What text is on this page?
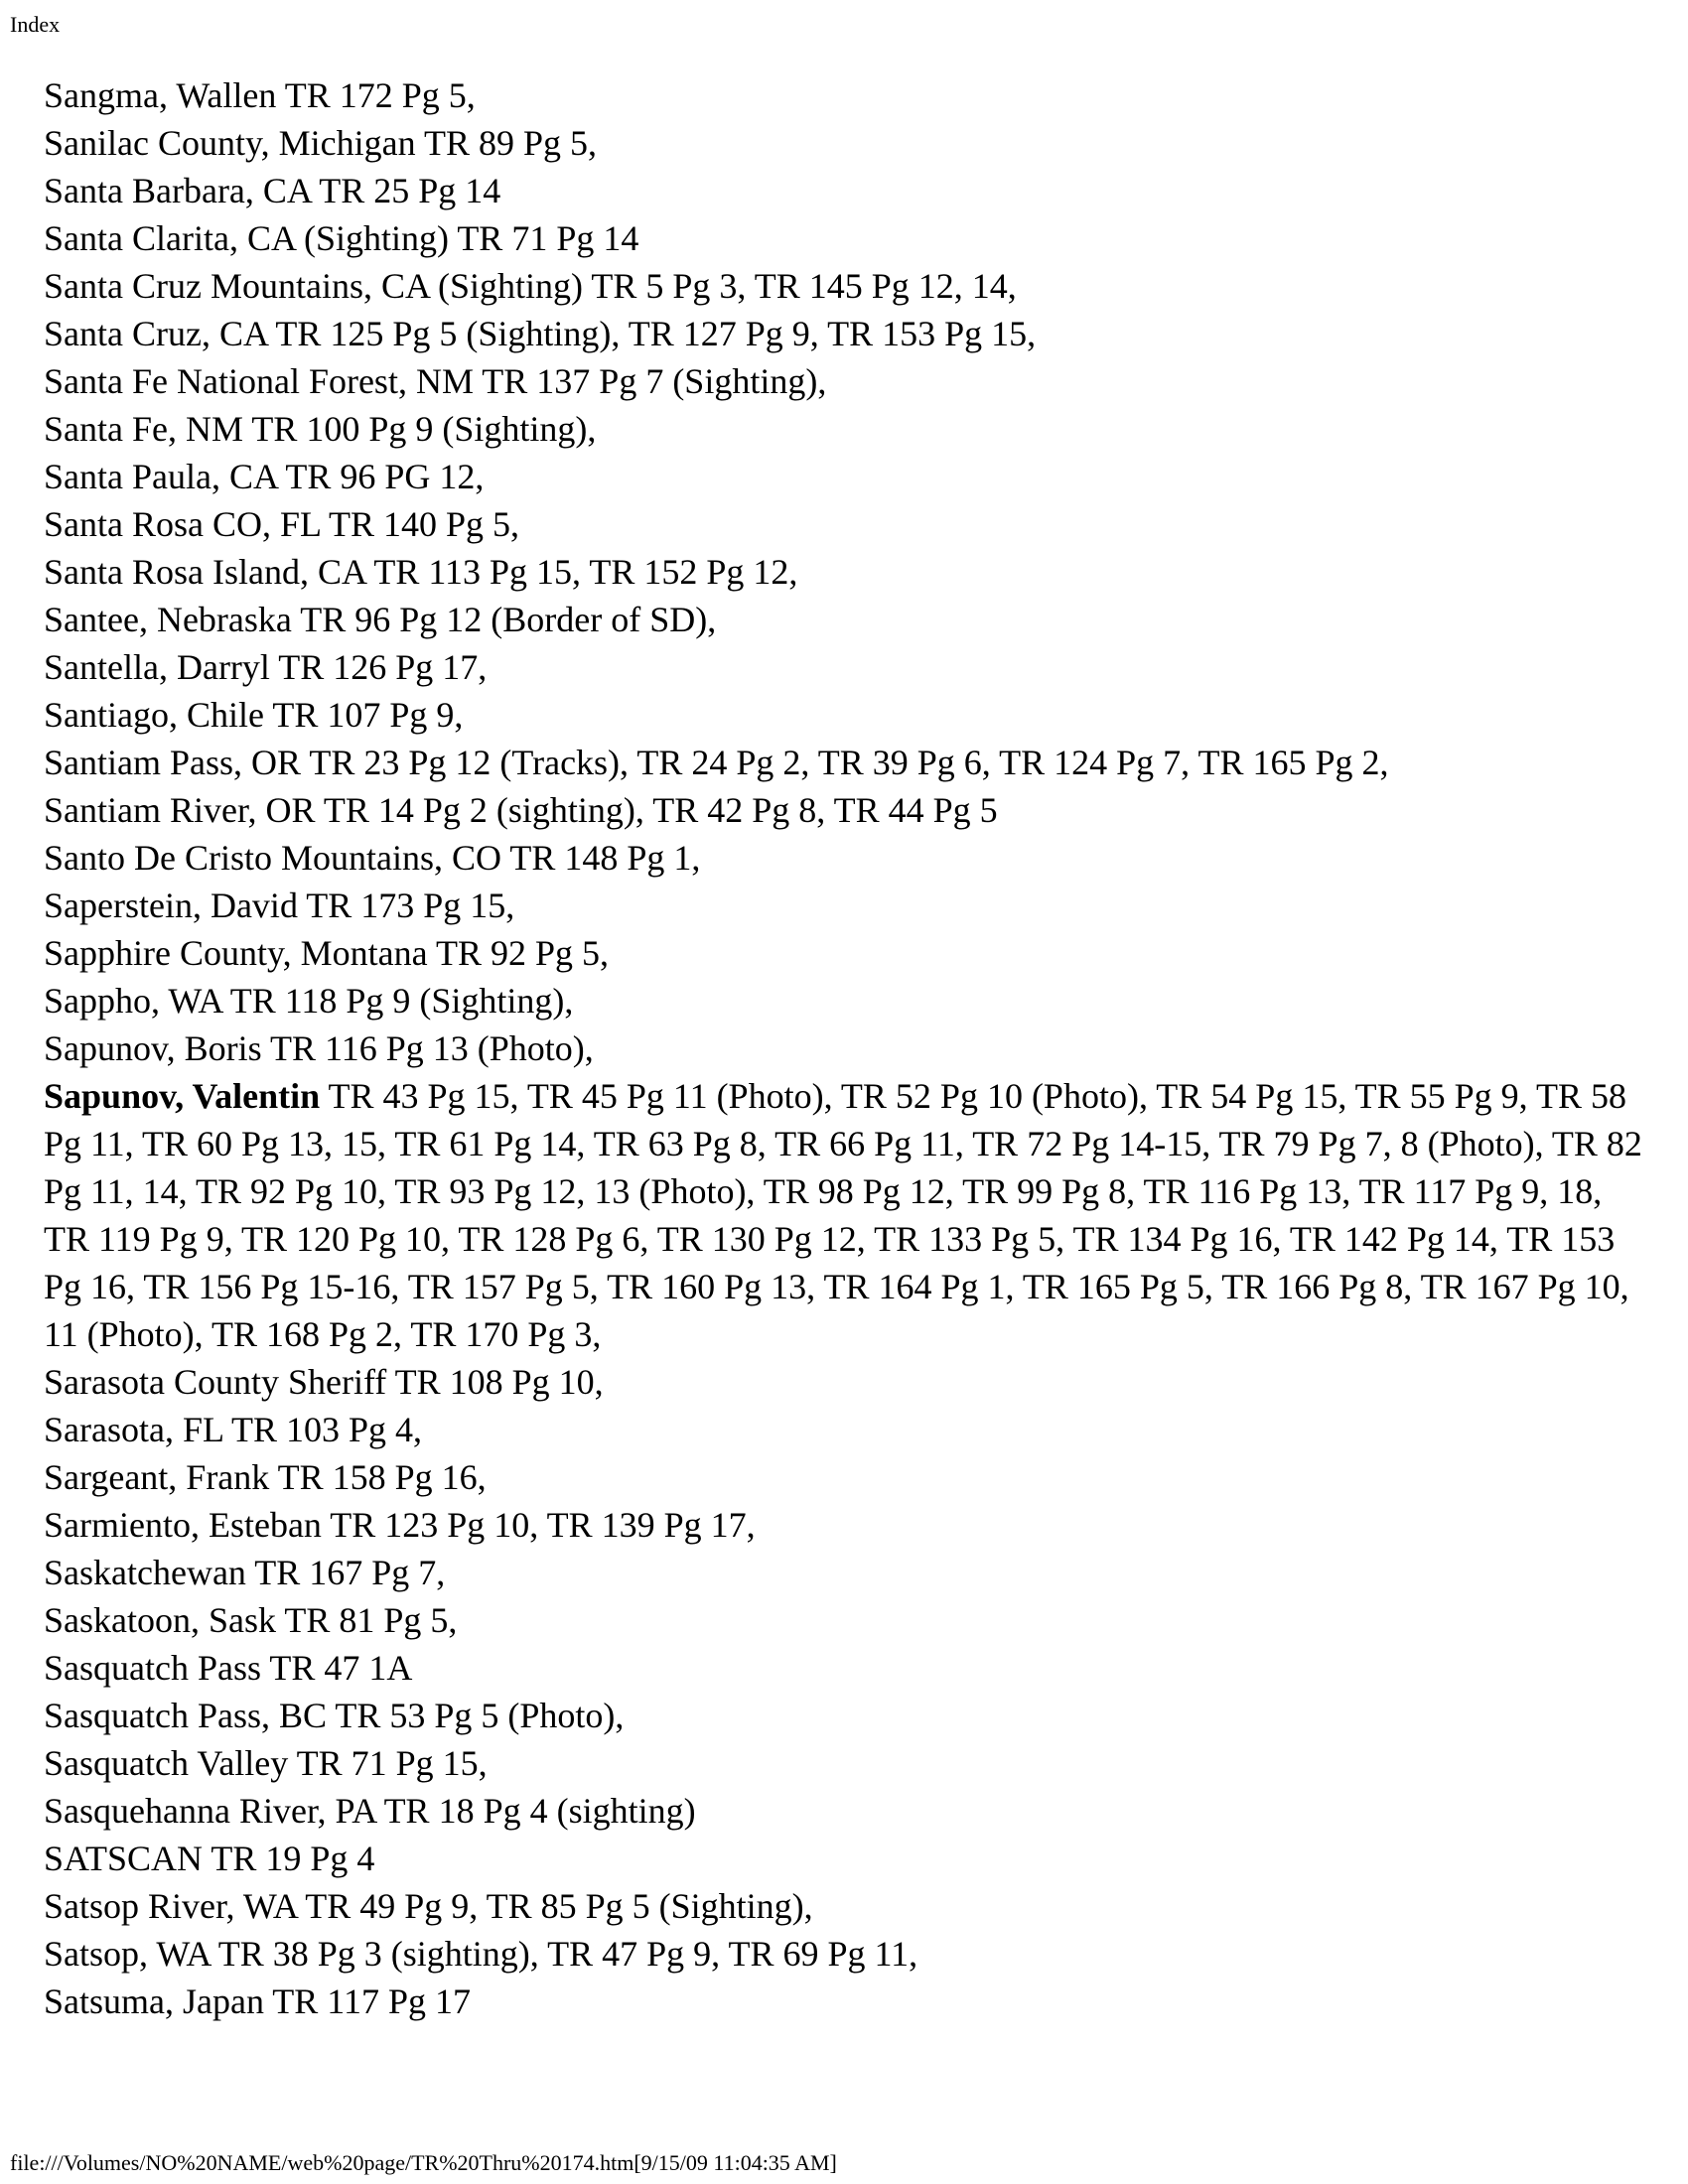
Index
Sangma, Wallen TR 172 Pg 5,
Sanilac County, Michigan TR 89 Pg 5,
Santa Barbara, CA TR 25 Pg 14
Santa Clarita, CA (Sighting) TR 71 Pg 14
Santa Cruz Mountains, CA (Sighting) TR 5 Pg 3, TR 145 Pg 12, 14,
Santa Cruz, CA TR 125 Pg 5 (Sighting), TR 127 Pg 9, TR 153 Pg 15,
Santa Fe National Forest, NM TR 137 Pg 7 (Sighting),
Santa Fe, NM TR 100 Pg 9 (Sighting),
Santa Paula, CA TR 96 PG 12,
Santa Rosa CO, FL TR 140 Pg 5,
Santa Rosa Island, CA TR 113 Pg 15, TR 152 Pg 12,
Santee, Nebraska TR 96 Pg 12 (Border of SD),
Santella, Darryl TR 126 Pg 17,
Santiago, Chile TR 107 Pg 9,
Santiam Pass, OR TR 23 Pg 12 (Tracks), TR 24 Pg 2, TR 39 Pg 6, TR 124 Pg 7, TR 165 Pg 2,
Santiam River, OR TR 14 Pg 2 (sighting), TR 42 Pg 8, TR 44 Pg 5
Santo De Cristo Mountains, CO TR 148 Pg 1,
Saperstein, David TR 173 Pg 15,
Sapphire County, Montana TR 92 Pg 5,
Sappho, WA TR 118 Pg 9 (Sighting),
Sapunov, Boris TR 116 Pg 13 (Photo),
Sapunov, Valentin TR 43 Pg 15, TR 45 Pg 11 (Photo), TR 52 Pg 10 (Photo), TR 54 Pg 15, TR 55 Pg 9, TR 58 Pg 11, TR 60 Pg 13, 15, TR 61 Pg 14, TR 63 Pg 8, TR 66 Pg 11, TR 72 Pg 14-15, TR 79 Pg 7, 8 (Photo), TR 82 Pg 11, 14, TR 92 Pg 10, TR 93 Pg 12, 13 (Photo), TR 98 Pg 12, TR 99 Pg 8, TR 116 Pg 13, TR 117 Pg 9, 18, TR 119 Pg 9, TR 120 Pg 10, TR 128 Pg 6, TR 130 Pg 12, TR 133 Pg 5, TR 134 Pg 16, TR 142 Pg 14, TR 153 Pg 16, TR 156 Pg 15-16, TR 157 Pg 5, TR 160 Pg 13, TR 164 Pg 1, TR 165 Pg 5, TR 166 Pg 8, TR 167 Pg 10, 11 (Photo), TR 168 Pg 2, TR 170 Pg 3,
Sarasota County Sheriff TR 108 Pg 10,
Sarasota, FL TR 103 Pg 4,
Sargeant, Frank TR 158 Pg 16,
Sarmiento, Esteban TR 123 Pg 10, TR 139 Pg 17,
Saskatchewan TR 167 Pg 7,
Saskatoon, Sask TR 81 Pg 5,
Sasquatch Pass TR 47 1A
Sasquatch Pass, BC TR 53 Pg 5 (Photo),
Sasquatch Valley TR 71 Pg 15,
Sasquehanna River, PA TR 18 Pg 4 (sighting)
SATSCAN TR 19 Pg 4
Satsop River, WA TR 49 Pg 9, TR 85 Pg 5 (Sighting),
Satsop, WA TR 38 Pg 3 (sighting), TR 47 Pg 9, TR 69 Pg 11,
Satsuma, Japan TR 117 Pg 17
file:///Volumes/NO%20NAME/web%20page/TR%20Thru%20174.htm[9/15/09 11:04:35 AM]
